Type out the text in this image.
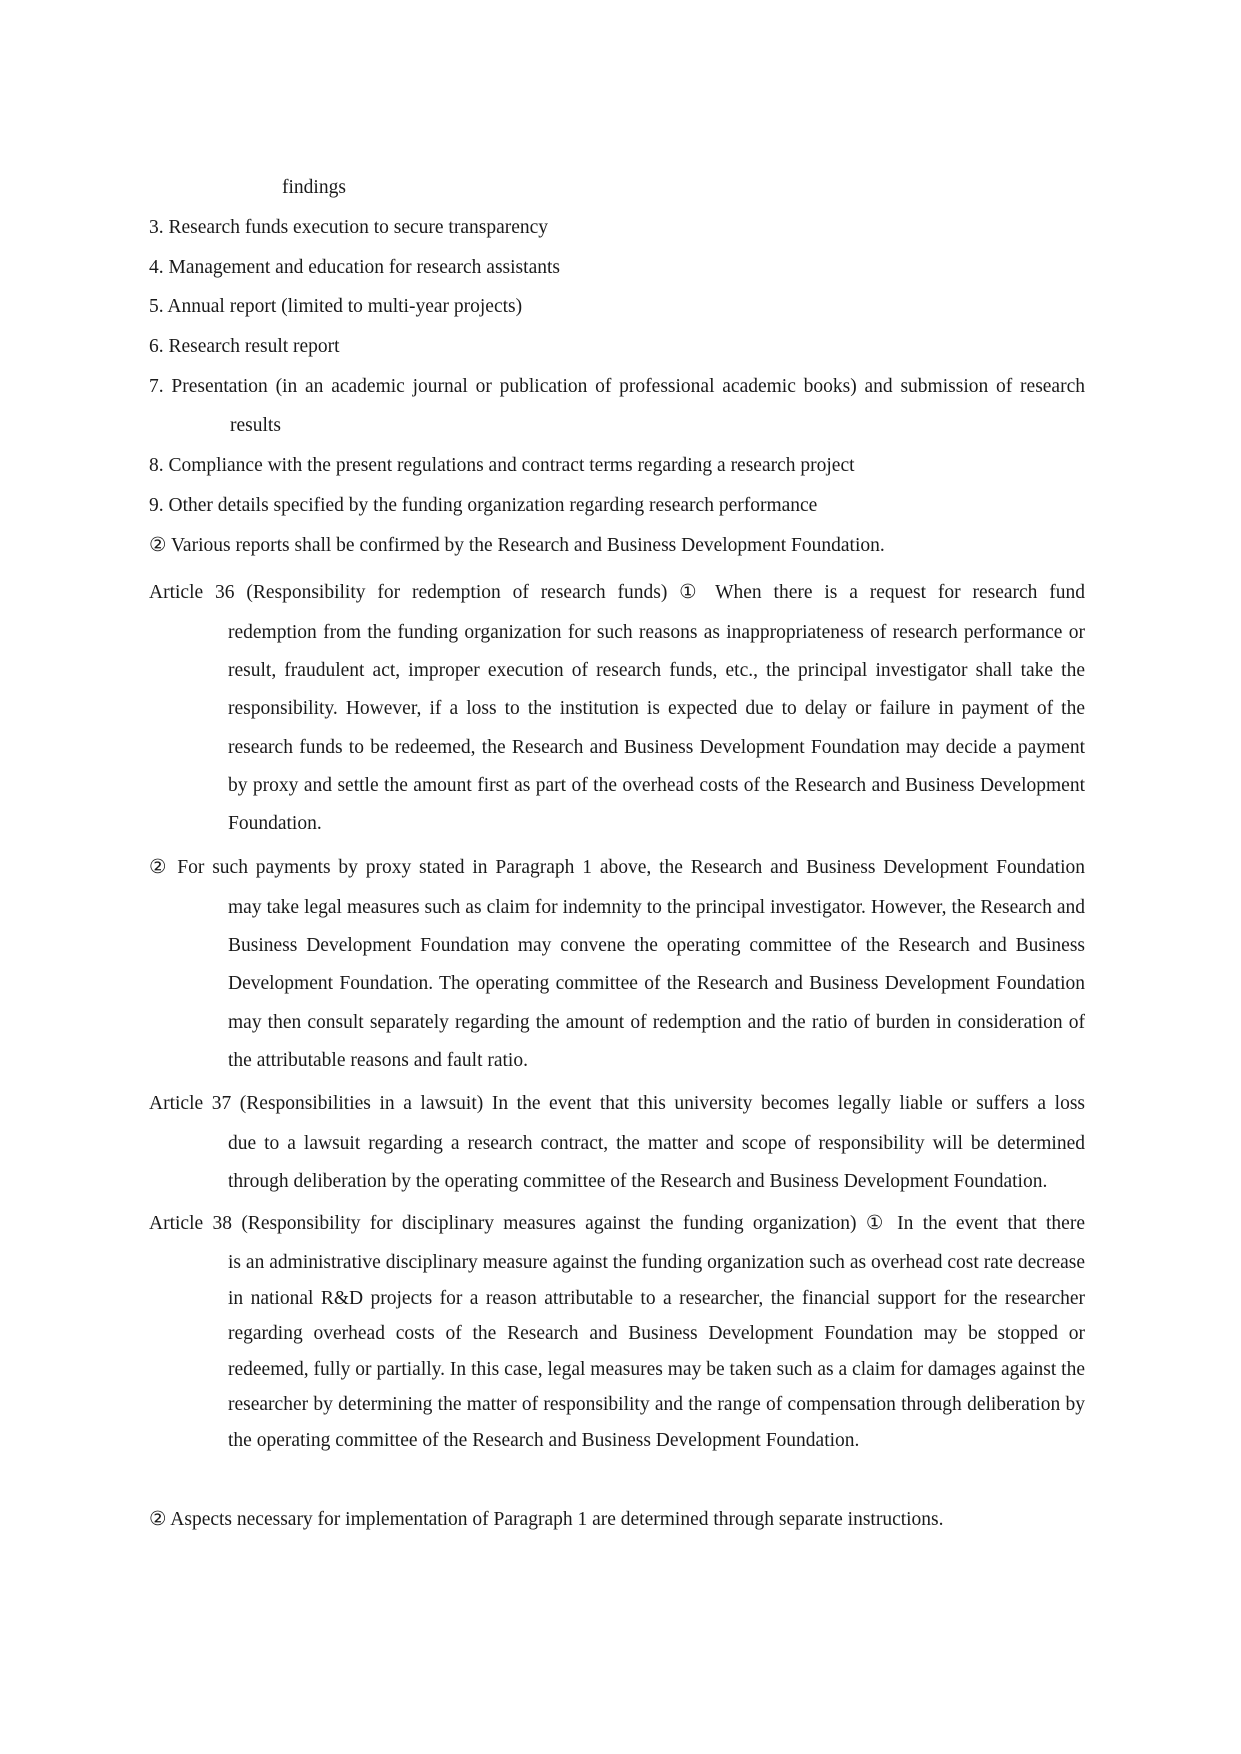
findings
3. Research funds execution to secure transparency
4. Management and education for research assistants
5. Annual report (limited to multi-year projects)
6. Research result report
7. Presentation (in an academic journal or publication of professional academic books) and submission of research
results
8. Compliance with the present regulations and contract terms regarding a research project
9. Other details specified by the funding organization regarding research performance
② Various reports shall be confirmed by the Research and Business Development Foundation.
Article 36 (Responsibility for redemption of research funds) ① When there is a request for research fund

redemption from the funding organization for such reasons as inappropriateness of research performance or result, fraudulent act, improper execution of research funds, etc., the principal investigator shall take the responsibility. However, if a loss to the institution is expected due to delay or failure in payment of the research funds to be redeemed, the Research and Business Development Foundation may decide a payment by proxy and settle the amount first as part of the overhead costs of the Research and Business Development Foundation.

② For such payments by proxy stated in Paragraph 1 above, the Research and Business Development Foundation

may take legal measures such as claim for indemnity to the principal investigator. However, the Research and Business Development Foundation may convene the operating committee of the Research and Business Development Foundation. The operating committee of the Research and Business Development Foundation may then consult separately regarding the amount of redemption and the ratio of burden in consideration of the attributable reasons and fault ratio.

Article 37 (Responsibilities in a lawsuit) In the event that this university becomes legally liable or suffers a loss

due to a lawsuit regarding a research contract, the matter and scope of responsibility will be determined through deliberation by the operating committee of the Research and Business Development Foundation.

Article 38 (Responsibility for disciplinary measures against the funding organization) ① In the event that there

is an administrative disciplinary measure against the funding organization such as overhead cost rate decrease in national R&D projects for a reason attributable to a researcher, the financial support for the researcher regarding overhead costs of the Research and Business Development Foundation may be stopped or redeemed, fully or partially. In this case, legal measures may be taken such as a claim for damages against the researcher by determining the matter of responsibility and the range of compensation through deliberation by the operating committee of the Research and Business Development Foundation.

② Aspects necessary for implementation of Paragraph 1 are determined through separate instructions.
